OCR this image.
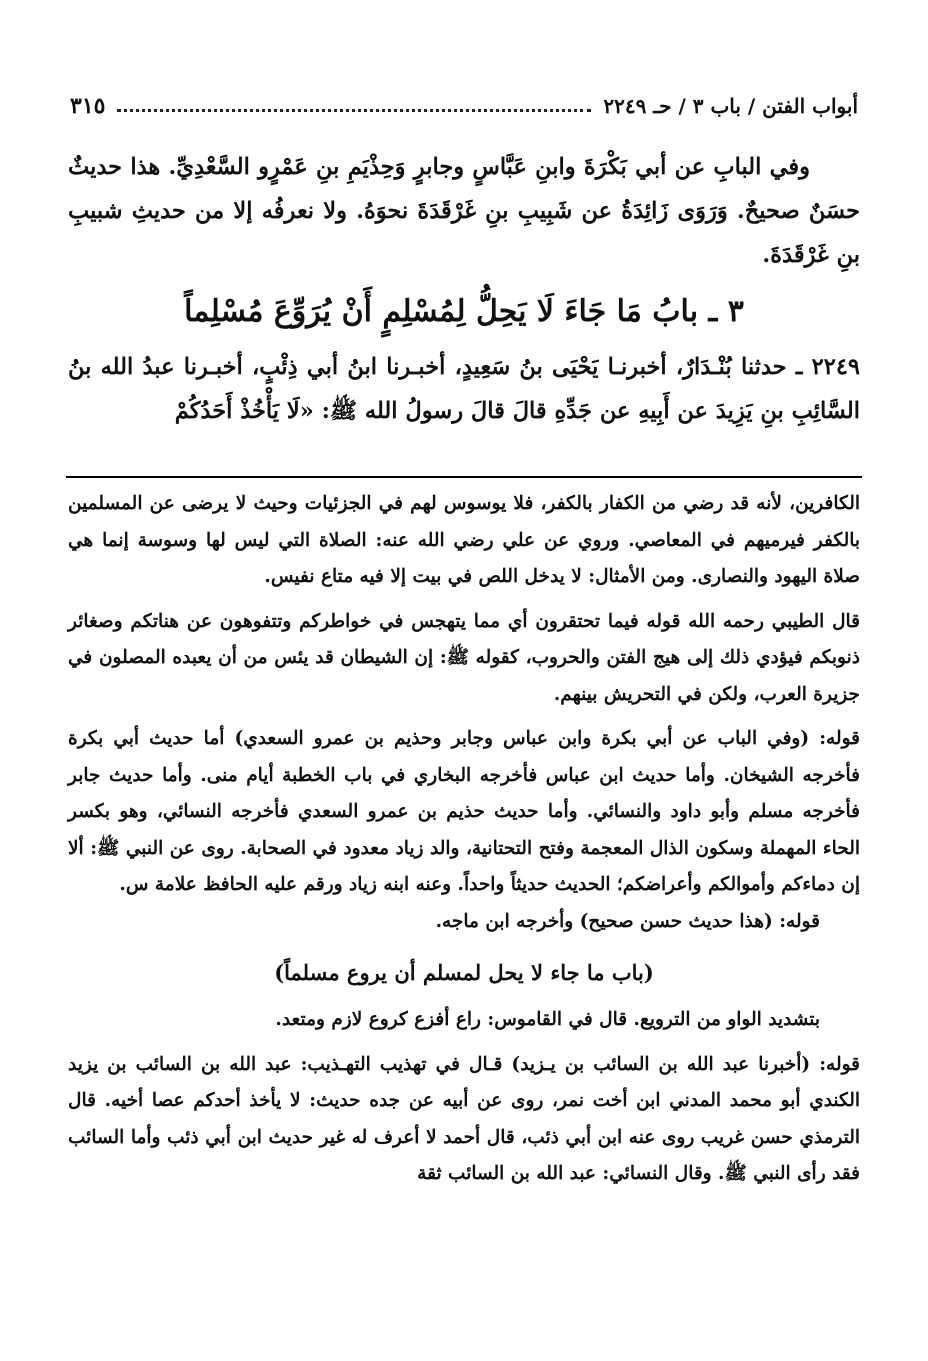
أبواب الفتن / باب ٣ / حـ ٢٢٤٩
٣١٥

وفي البابِ عن أبي بَكْرَةَ وابنِ عَبَّاسٍ وجابرٍ وَحِذْيَمِ بنِ عَمْرٍو السَّعْدِيِّ. هذا حديثٌ حسَنٌ صحيحٌ. وَرَوَى زَائِدَةُ عن شَبِيبِ بنِ غَرْقَدَةَ نحوَهُ. ولا نعرفُه إلا من حديثِ شبيبِ بنِ غَرْقَدَةَ.

٣ ـ بابُ مَا جَاءَ لَا يَحِلُّ لِمُسْلِمٍ أَنْ يُرَوِّعَ مُسْلِماً

٢٢٤٩ ـ حدثنا بُنْـدَارٌ، أخبرنـا يَحْيَى بنُ سَعِيدٍ، أخبـرنا ابنُ أبي ذِئْبٍ، أخبـرنا عبدُ الله بنُ السَّائِبِ بنِ يَزِيدَ عن أَبِيهِ عن جَدِّهِ قالَ قالَ رسولُ الله ﷺ: «لَا يَأْخُذْ أَحَدُكُمْ

الكافرين، لأنه قد رضي من الكفار بالكفر، فلا يوسوس لهم في الجزئيات وحيث لا يرضى عن المسلمين بالكفر فيرميهم في المعاصي. وروي عن علي رضي الله عنه: الصلاة التي ليس لها وسوسة إنما هي صلاة اليهود والنصارى. ومن الأمثال: لا يدخل اللص في بيت إلا فيه متاع نفيس.

قال الطيبي رحمه الله قوله فيما تحتقرون أي مما يتهجس في خواطركم وتتفوهون عن هناتكم وصغائر ذنوبكم فيؤدي ذلك إلى هيج الفتن والحروب، كقوله ﷺ: إن الشيطان قد يئس من أن يعبده المصلون في جزيرة العرب، ولكن في التحريش بينهم.

قوله: (وفي الباب عن أبي بكرة وابن عباس وجابر وحذيم بن عمرو السعدي) أما حديث أبي بكرة فأخرجه الشيخان. وأما حديث ابن عباس فأخرجه البخاري في باب الخطبة أيام منى. وأما حديث جابر فأخرجه مسلم وأبو داود والنسائي. وأما حديث حذيم بن عمرو السعدي فأخرجه النسائي، وهو بكسر الحاء المهملة وسكون الذال المعجمة وفتح التحتانية، والد زياد معدود في الصحابة. روى عن النبي ﷺ: ألا إن دماءكم وأموالكم وأعراضكم؛ الحديث حديثاً واحداً. وعنه ابنه زياد ورقم عليه الحافظ علامة س.

قوله: (هذا حديث حسن صحيح) وأخرجه ابن ماجه.

(باب ما جاء لا يحل لمسلم أن يروع مسلماً)

بتشديد الواو من الترويع. قال في القاموس: راع أفزع كروع لازم ومتعد.

قوله: (أخبرنا عبد الله بن السائب بن يـزيد) قـال في تهذيب التهـذيب: عبد الله بن السائب بن يزيد الكندي أبو محمد المدني ابن أخت نمر، روى عن أبيه عن جده حديث: لا يأخذ أحدكم عصا أخيه. قال الترمذي حسن غريب روى عنه ابن أبي ذئب، قال أحمد لا أعرف له غير حديث ابن أبي ذئب وأما السائب فقد رأى النبي ﷺ. وقال النسائي: عبد الله بن السائب ثقة
